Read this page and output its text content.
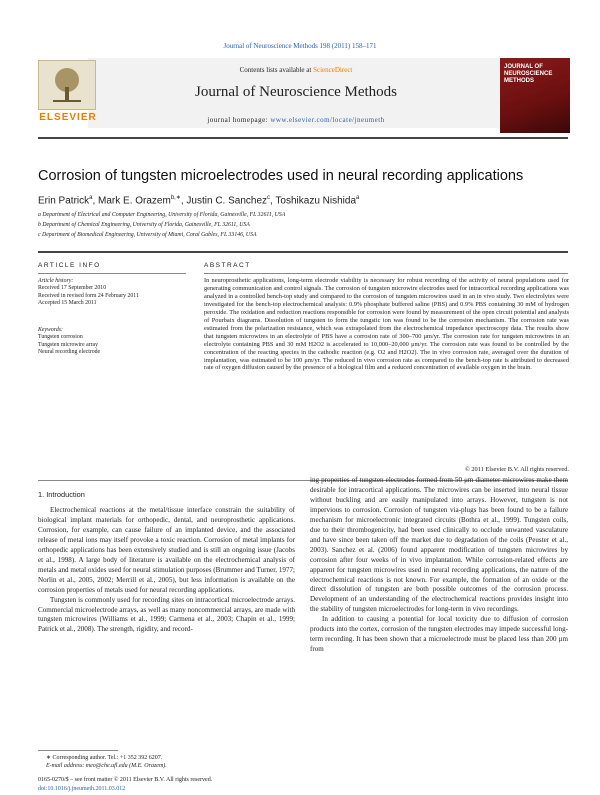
Journal of Neuroscience Methods 198 (2011) 158–171
ELSEVIER
Contents lists available at ScienceDirect
Journal of Neuroscience Methods
journal homepage: www.elsevier.com/locate/jneumeth
JOURNAL OF NEUROSCIENCE METHODS
Corrosion of tungsten microelectrodes used in neural recording applications
Erin Patrick$^a$, Mark E. Orazem$^{b,∗}$, Justin C. Sanchez$^c$, Toshikazu Nishida$^a$
a Department of Electrical and Computer Engineering, University of Florida, Gainesville, FL 32611, USA
b Department of Chemical Engineering, University of Florida, Gainesville, FL 32611, USA
c Department of Biomedical Engineering, University of Miami, Coral Gables, FL 33146, USA
ARTICLE INFO
Article history:
Received 17 September 2010
Received in revised form 24 February 2011
Accepted 15 March 2011
Keywords:
Tungsten corrosion
Tungsten microwire array
Neural recording electrode
ABSTRACT
In neuroprosthetic applications, long-term electrode viability is necessary for robust recording of the activity of neural populations used for generating communication and control signals. The corrosion of tungsten microwire electrodes used for intracortical recording applications was analyzed in a controlled bench-top study and compared to the corrosion of tungsten microwires used in an in vivo study. Two electrolytes were investigated for the bench-top electrochemical analysis: 0.9% phosphate buffered saline (PBS) and 0.9% PBS containing 30 mM of hydrogen peroxide. The oxidation and reduction reactions responsible for corrosion were found by measurement of the open circuit potential and analysis of Pourbaix diagrams. Dissolution of tungsten to form the tungstic ion was found to be the corrosion mechanism. The corrosion rate was estimated from the polarization resistance, which was extrapolated from the electrochemical impedance spectroscopy data. The results show that tungsten microwires in an electrolyte of PBS have a corrosion rate of 300–700 μm/yr. The corrosion rate for tungsten microwires in an electrolyte containing PBS and 30 mM H2O2 is accelerated to 10,000–20,000 μm/yr. The corrosion rate was found to be controlled by the concentration of the reacting species in the cathodic reaction (e.g. O2 and H2O2). The in vivo corrosion rate, averaged over the duration of implantation, was estimated to be 100 μm/yr. The reduced in vivo corrosion rate as compared to the bench-top rate is attributed to decreased rate of oxygen diffusion caused by the presence of a biological film and a reduced concentration of available oxygen in the brain.
© 2011 Elsevier B.V. All rights reserved.
1. Introduction
Electrochemical reactions at the metal/tissue interface constrain the suitability of biological implant materials for orthopedic, dental, and neuroprosthetic applications. Corrosion, for example, can cause failure of an implanted device, and the associated release of metal ions may itself provoke a toxic reaction. Corrosion of metal implants for orthopedic applications has been extensively studied and is still an ongoing issue (Jacobs et al., 1998). A large body of literature is available on the electrochemical analysis of metals and metal oxides used for neural stimulation purposes (Brummer and Turner, 1977; Norlin et al., 2005, 2002; Merrill et al., 2005), but less information is available on the corrosion properties of metals used for neural recording applications.
Tungsten is commonly used for recording sites on intracortical microelectrode arrays. Commercial microelectrode arrays, as well as many noncommercial arrays, are made with tungsten microwires (Williams et al., 1999; Carmena et al., 2003; Chapin et al., 1999; Patrick et al., 2008). The strength, rigidity, and record-
ing properties of tungsten electrodes formed from 50 μm diameter microwires make them desirable for intracortical applications. The microwires can be inserted into neural tissue without buckling and are easily manipulated into arrays. However, tungsten is not impervious to corrosion. Corrosion of tungsten via-plugs has been found to be a failure mechanism for microelectronic integrated circuits (Bothra et al., 1999). Tungsten coils, due to their thrombogenicity, had been used clinically to occlude unwanted vasculature and have since been taken off the market due to degradation of the coils (Peuster et al., 2003). Sanchez et al. (2006) found apparent modification of tungsten microwires by corrosion after four weeks of in vivo implantation. While corrosion-related effects are apparent for tungsten microwires used in neural recording applications, the nature of the electrochemical reactions is not known. For example, the formation of an oxide or the direct dissolution of tungsten are both possible outcomes of the corrosion process. Development of an understanding of the electrochemical reactions provides insight into the stability of tungsten microelectrodes for long-term in vivo recordings.
In addition to causing a potential for local toxicity due to diffusion of corrosion products into the cortex, corrosion of the tungsten electrodes may impede successful long-term recording. It has been shown that a microelectrode must be placed less than 200 μm from
∗ Corresponding author. Tel.: +1 352 392 6207.
E-mail address: meo@che.ufl.edu (M.E. Orazem).
0165-0270/$ – see front matter © 2011 Elsevier B.V. All rights reserved.
doi:10.1016/j.jneumeth.2011.03.012
